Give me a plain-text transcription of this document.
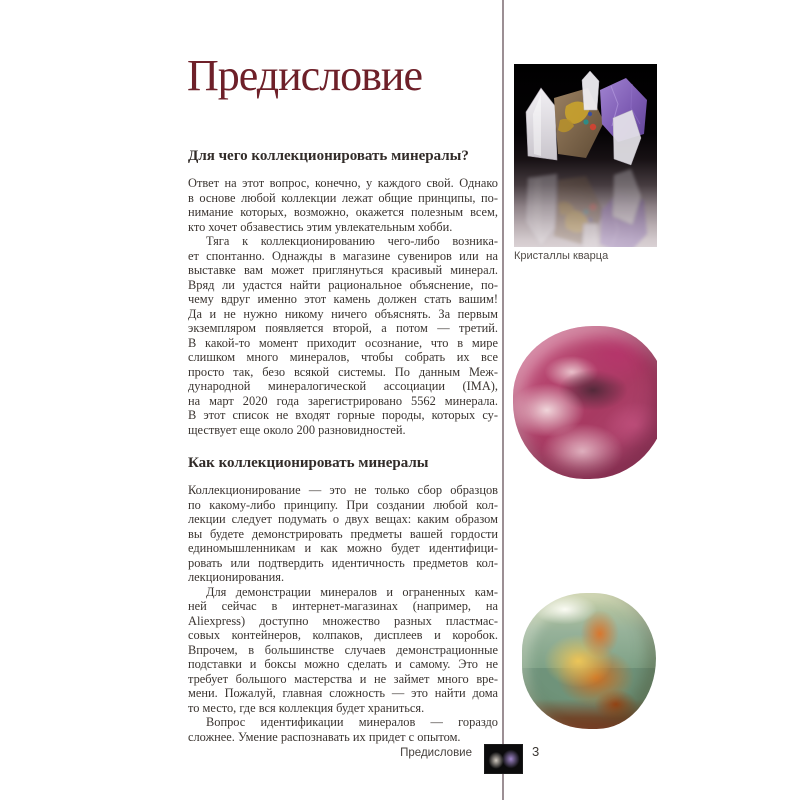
Предисловие
Для чего коллекционировать минералы?
Ответ на этот вопрос, конечно, у каждого свой. Однако
в основе любой коллекции лежат общие принципы, по-
нимание которых, возможно, окажется полезным всем,
кто хочет обзавестись этим увлекательным хобби.
Тяга к коллекционированию чего-либо возника-
ет спонтанно. Однажды в магазине сувениров или на
выставке вам может приглянуться красивый минерал.
Вряд ли удастся найти рациональное объяснение, по-
чему вдруг именно этот камень должен стать вашим!
Да и не нужно никому ничего объяснять. За первым
экземпляром появляется второй, а потом — третий.
В какой-то момент приходит осознание, что в мире
слишком много минералов, чтобы собрать их все
просто так, безо всякой системы. По данным Меж-
дународной минералогической ассоциации (IMA),
на март 2020 года зарегистрировано 5562 минерала.
В этот список не входят горные породы, которых су-
ществует еще около 200 разновидностей.
Как коллекционировать минералы
Коллекционирование — это не только сбор образцов
по какому-либо принципу. При создании любой кол-
лекции следует подумать о двух вещах: каким образом
вы будете демонстрировать предметы вашей гордости
единомышленникам и как можно будет идентифици-
ровать или подтвердить идентичность предметов кол-
лекционирования.
Для демонстрации минералов и ограненных кам-
ней сейчас в интернет-магазинах (например, на
Aliexpress) доступно множество разных пластмас-
совых контейнеров, колпаков, дисплеев и коробок.
Впрочем, в большинстве случаев демонстрационные
подставки и боксы можно сделать и самому. Это не
требует большого мастерства и не займет много вре-
мени. Пожалуй, главная сложность — это найти дома
то место, где вся коллекция будет храниться.
Вопрос идентификации минералов — гораздо
сложнее. Умение распознавать их придет с опытом.
Кристаллы кварца
Предисловие	3
